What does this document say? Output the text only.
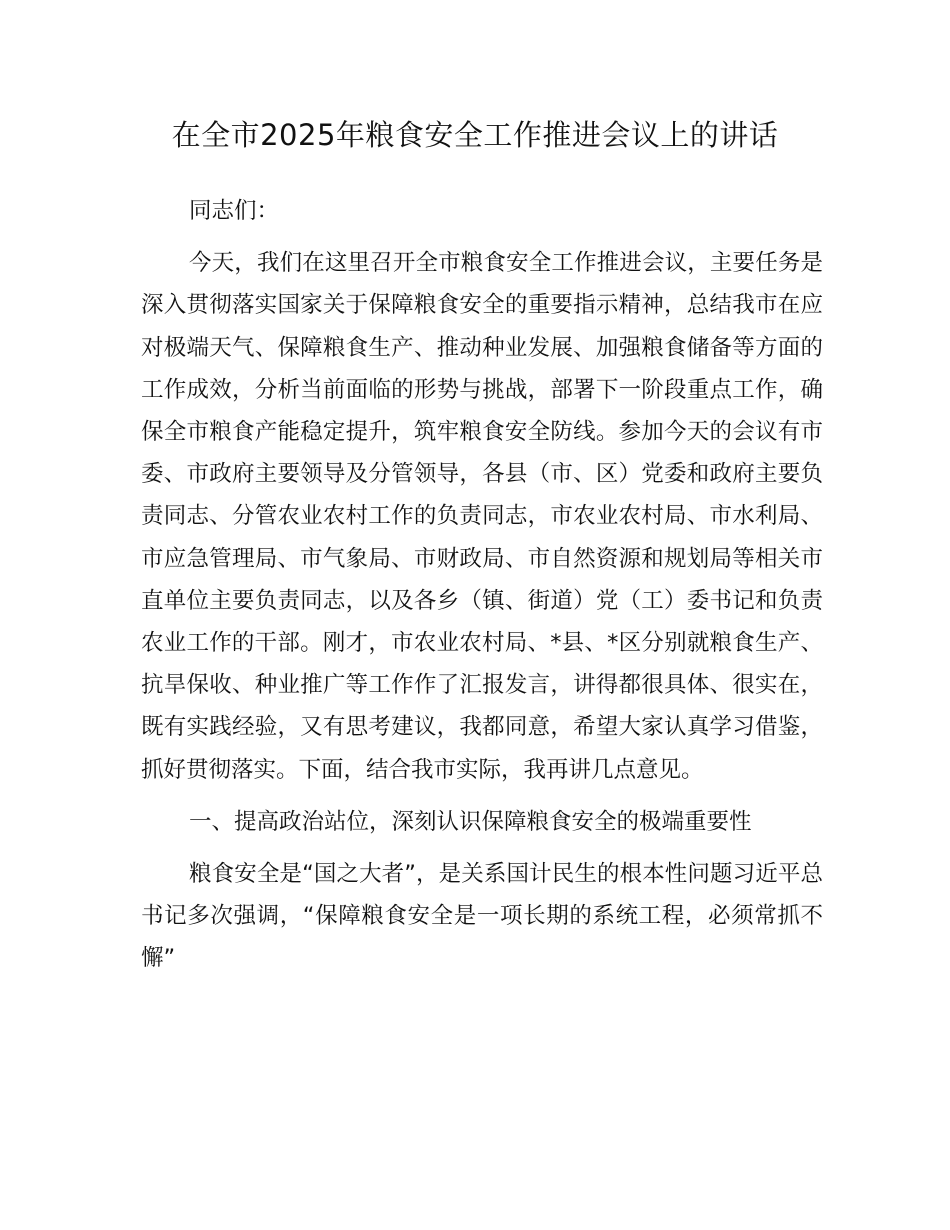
在全市2025年粮食安全工作推进会议上的讲话

同志们：

今天，我们在这里召开全市粮食安全工作推进会议，主要任务是深入贯彻落实国家关于保障粮食安全的重要指示精神，总结我市在应对极端天气、保障粮食生产、推动种业发展、加强粮食储备等方面的工作成效，分析当前面临的形势与挑战，部署下一阶段重点工作，确保全市粮食产能稳定提升，筑牢粮食安全防线。参加今天的会议有市委、市政府主要领导及分管领导，各县（市、区）党委和政府主要负责同志、分管农业农村工作的负责同志，市农业农村局、市水利局、市应急管理局、市气象局、市财政局、市自然资源和规划局等相关市直单位主要负责同志，以及各乡（镇、街道）党（工）委书记和负责农业工作的干部。刚才，市农业农村局、*县、*区分别就粮食生产、抗旱保收、种业推广等工作作了汇报发言，讲得都很具体、很实在，既有实践经验，又有思考建议，我都同意，希望大家认真学习借鉴，抓好贯彻落实。下面，结合我市实际，我再讲几点意见。

一、提高政治站位，深刻认识保障粮食安全的极端重要性

粮食安全是“国之大者”，是关系国计民生的根本性问题习近平总书记多次强调，“保障粮食安全是一项长期的系统工程，必须常抓不懈”
